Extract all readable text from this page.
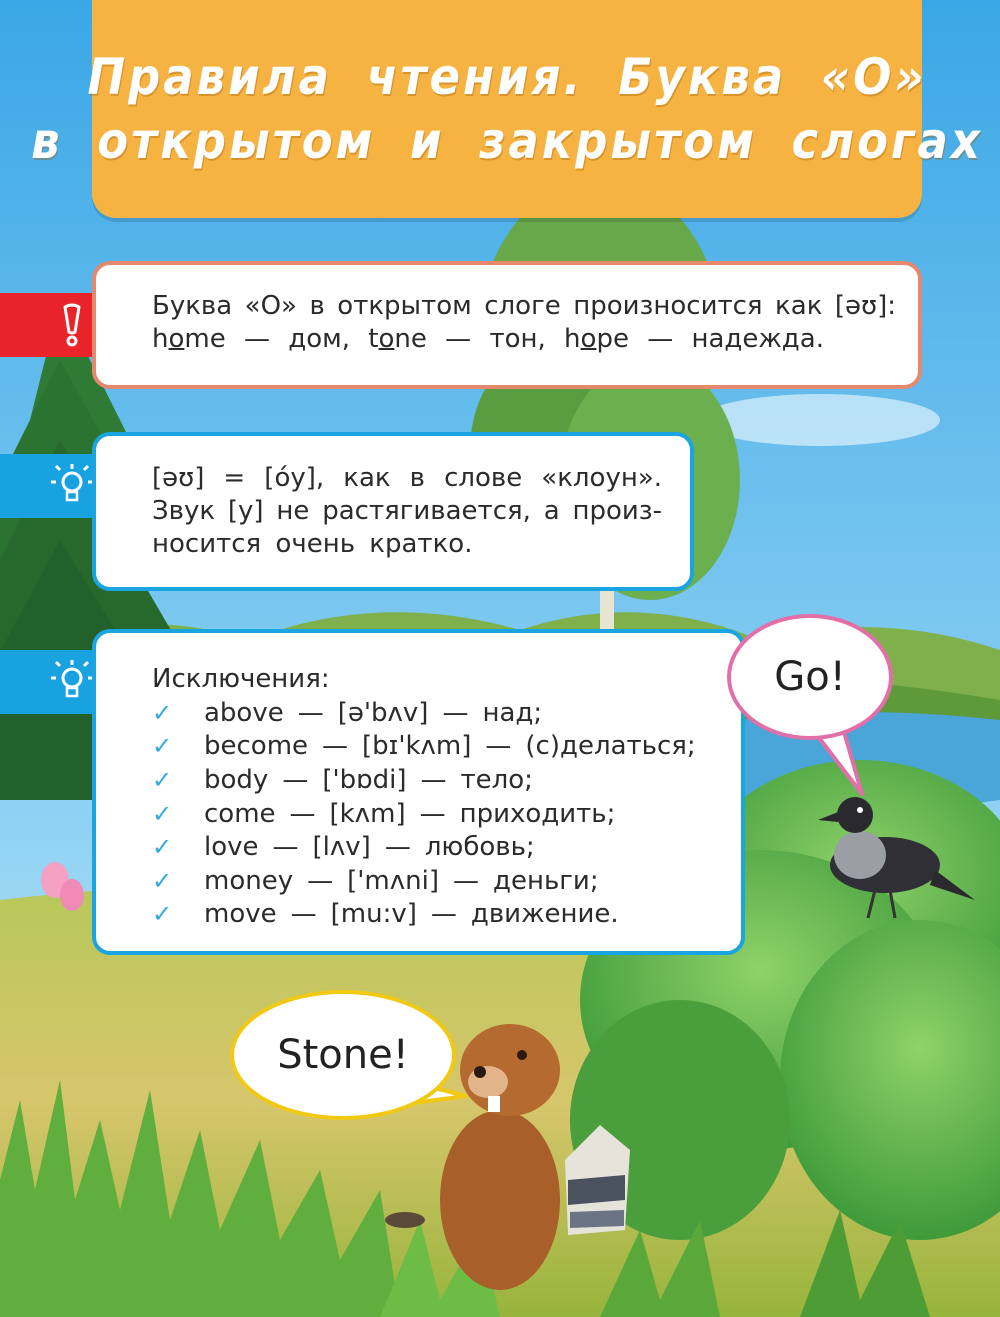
Правила чтения. Буква «О»
в открытом и закрытом слогах
Буква «О» в открытом слоге произносится как [əʊ]:
home — дом, tone — тон, hope — надежда.
[əʊ] = [о́у], как в слове «клоун».
Звук [у] не растягивается, а произ-
носится очень кратко.
Исключения:
✓	above — [ə'bʌv] — над;
✓	become — [bɪ'kʌm] — (с)делаться;
✓	body — ['bɒdi] — тело;
✓	come — [kʌm] — приходить;
✓	love — [lʌv] — любовь;
✓	money — ['mʌni] — деньги;
✓	move — [mu:v] — движение.
Go!
Stone!
